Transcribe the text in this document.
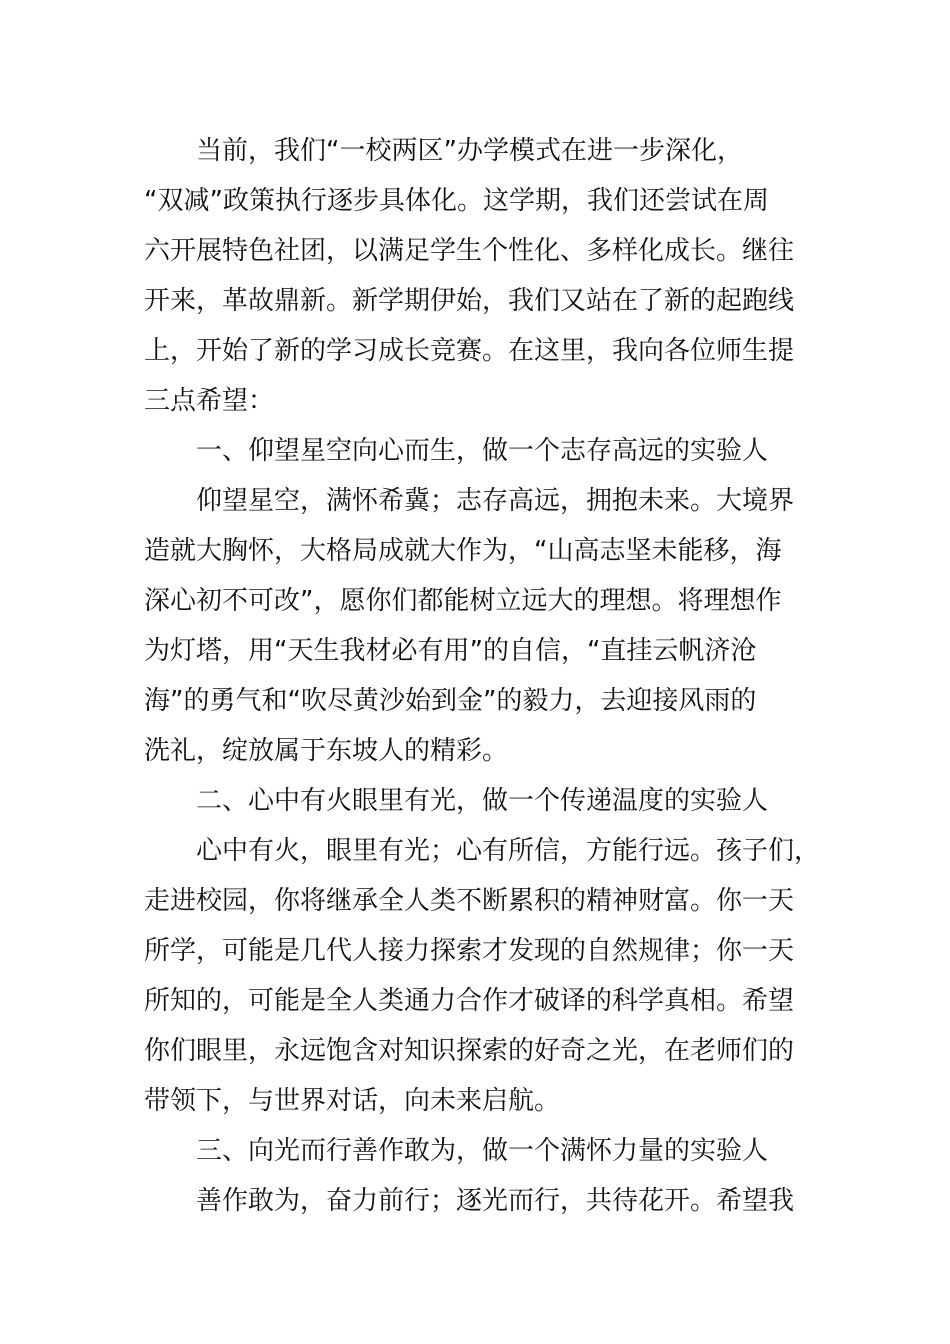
当前，我们“一校两区”办学模式在进一步深化，
“双减”政策执行逐步具体化。这学期，我们还尝试在周
六开展特色社团，以满足学生个性化、多样化成长。继往
开来，革故鼎新。新学期伊始，我们又站在了新的起跑线
上，开始了新的学习成长竞赛。在这里，我向各位师生提
三点希望：
一、仰望星空向心而生，做一个志存高远的实验人
仰望星空，满怀希冀；志存高远，拥抱未来。大境界
造就大胸怀，大格局成就大作为，“山高志坚未能移，海
深心初不可改”，愿你们都能树立远大的理想。将理想作
为灯塔，用“天生我材必有用”的自信，“直挂云帆济沧
海”的勇气和“吹尽黄沙始到金”的毅力，去迎接风雨的
洗礼，绽放属于东坡人的精彩。
二、心中有火眼里有光，做一个传递温度的实验人
心中有火，眼里有光；心有所信，方能行远。孩子们，
走进校园，你将继承全人类不断累积的精神财富。你一天
所学，可能是几代人接力探索才发现的自然规律；你一天
所知的，可能是全人类通力合作才破译的科学真相。希望
你们眼里，永远饱含对知识探索的好奇之光，在老师们的
带领下，与世界对话，向未来启航。
三、向光而行善作敢为，做一个满怀力量的实验人
善作敢为，奋力前行；逐光而行，共待花开。希望我
